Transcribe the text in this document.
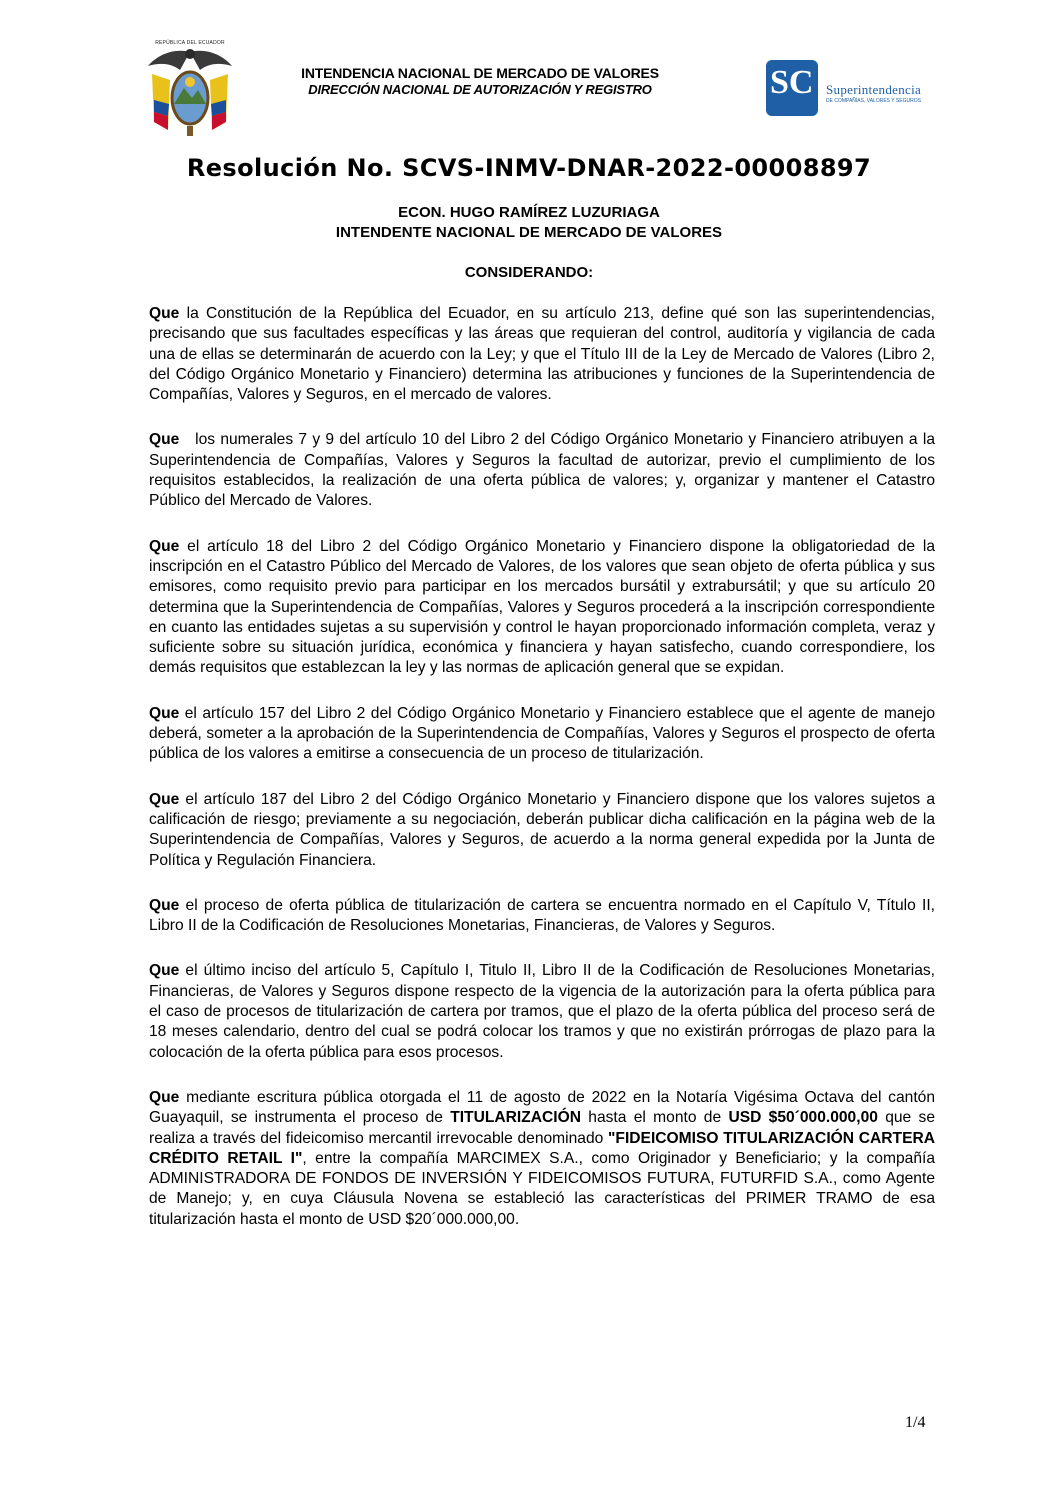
REPÚBLICA DEL ECUADOR
INTENDENCIA NACIONAL DE MERCADO DE VALORES
DIRECCIÓN NACIONAL DE AUTORIZACIÓN Y REGISTRO	SC Superintendencia
DE COMPAÑÍAS, VALORES Y SEGUROS
Resolución No. SCVS-INMV-DNAR-2022-00008897
ECON. HUGO RAMÍREZ LUZURIAGA
INTENDENTE NACIONAL DE MERCADO DE VALORES
CONSIDERANDO:

Que la Constitución de la República del Ecuador, en su artículo 213, define qué son las superintendencias, precisando que sus facultades específicas y las áreas que requieran del control, auditoría y vigilancia de cada una de ellas se determinarán de acuerdo con la Ley; y que el Título III de la Ley de Mercado de Valores (Libro 2, del Código Orgánico Monetario y Financiero) determina las atribuciones y funciones de la Superintendencia de Compañías, Valores y Seguros, en el mercado de valores.

Que   los numerales 7 y 9 del artículo 10 del Libro 2 del Código Orgánico Monetario y Financiero atribuyen a la Superintendencia de Compañías, Valores y Seguros la facultad de autorizar, previo el cumplimiento de los requisitos establecidos, la realización de una oferta pública de valores; y, organizar y mantener el Catastro Público del Mercado de Valores.

Que el artículo 18 del Libro 2 del Código Orgánico Monetario y Financiero dispone la obligatoriedad de la inscripción en el Catastro Público del Mercado de Valores, de los valores que sean objeto de oferta pública y sus emisores, como requisito previo para participar en los mercados bursátil y extrabursátil; y que su artículo 20 determina que la Superintendencia de Compañías, Valores y Seguros procederá a la inscripción correspondiente en cuanto las entidades sujetas a su supervisión y control le hayan proporcionado información completa, veraz y suficiente sobre su situación jurídica, económica y financiera y hayan satisfecho, cuando correspondiere, los demás requisitos que establezcan la ley y las normas de aplicación general que se expidan.

Que el artículo 157 del Libro 2 del Código Orgánico Monetario y Financiero establece que el agente de manejo deberá, someter a la aprobación de la Superintendencia de Compañías, Valores y Seguros el prospecto de oferta pública de los valores a emitirse a consecuencia de un proceso de titularización.

Que el artículo 187 del Libro 2 del Código Orgánico Monetario y Financiero dispone que los valores sujetos a calificación de riesgo; previamente a su negociación, deberán publicar dicha calificación en la página web de la Superintendencia de Compañías, Valores y Seguros, de acuerdo a la norma general expedida por la Junta de Política y Regulación Financiera.

Que el proceso de oferta pública de titularización de cartera se encuentra normado en el Capítulo V, Título II, Libro II de la Codificación de Resoluciones Monetarias, Financieras, de Valores y Seguros.

Que el último inciso del artículo 5, Capítulo I, Titulo II, Libro II de la Codificación de Resoluciones Monetarias, Financieras, de Valores y Seguros dispone respecto de la vigencia de la autorización para la oferta pública para el caso de procesos de titularización de cartera por tramos, que el plazo de la oferta pública del proceso será de 18 meses calendario, dentro del cual se podrá colocar los tramos y que no existirán prórrogas de plazo para la colocación de la oferta pública para esos procesos.

Que mediante escritura pública otorgada el 11 de agosto de 2022 en la Notaría Vigésima Octava del cantón Guayaquil, se instrumenta el proceso de TITULARIZACIÓN hasta el monto de USD $50´000.000,00 que se realiza a través del fideicomiso mercantil irrevocable denominado "FIDEICOMISO TITULARIZACIÓN CARTERA CRÉDITO RETAIL I", entre la compañía MARCIMEX S.A., como Originador y Beneficiario; y la compañía ADMINISTRADORA DE FONDOS DE INVERSIÓN Y FIDEICOMISOS FUTURA, FUTURFID S.A., como Agente de Manejo; y, en cuya Cláusula Novena se estableció las características del PRIMER TRAMO de esa titularización hasta el monto de USD $20´000.000,00.

1/4
